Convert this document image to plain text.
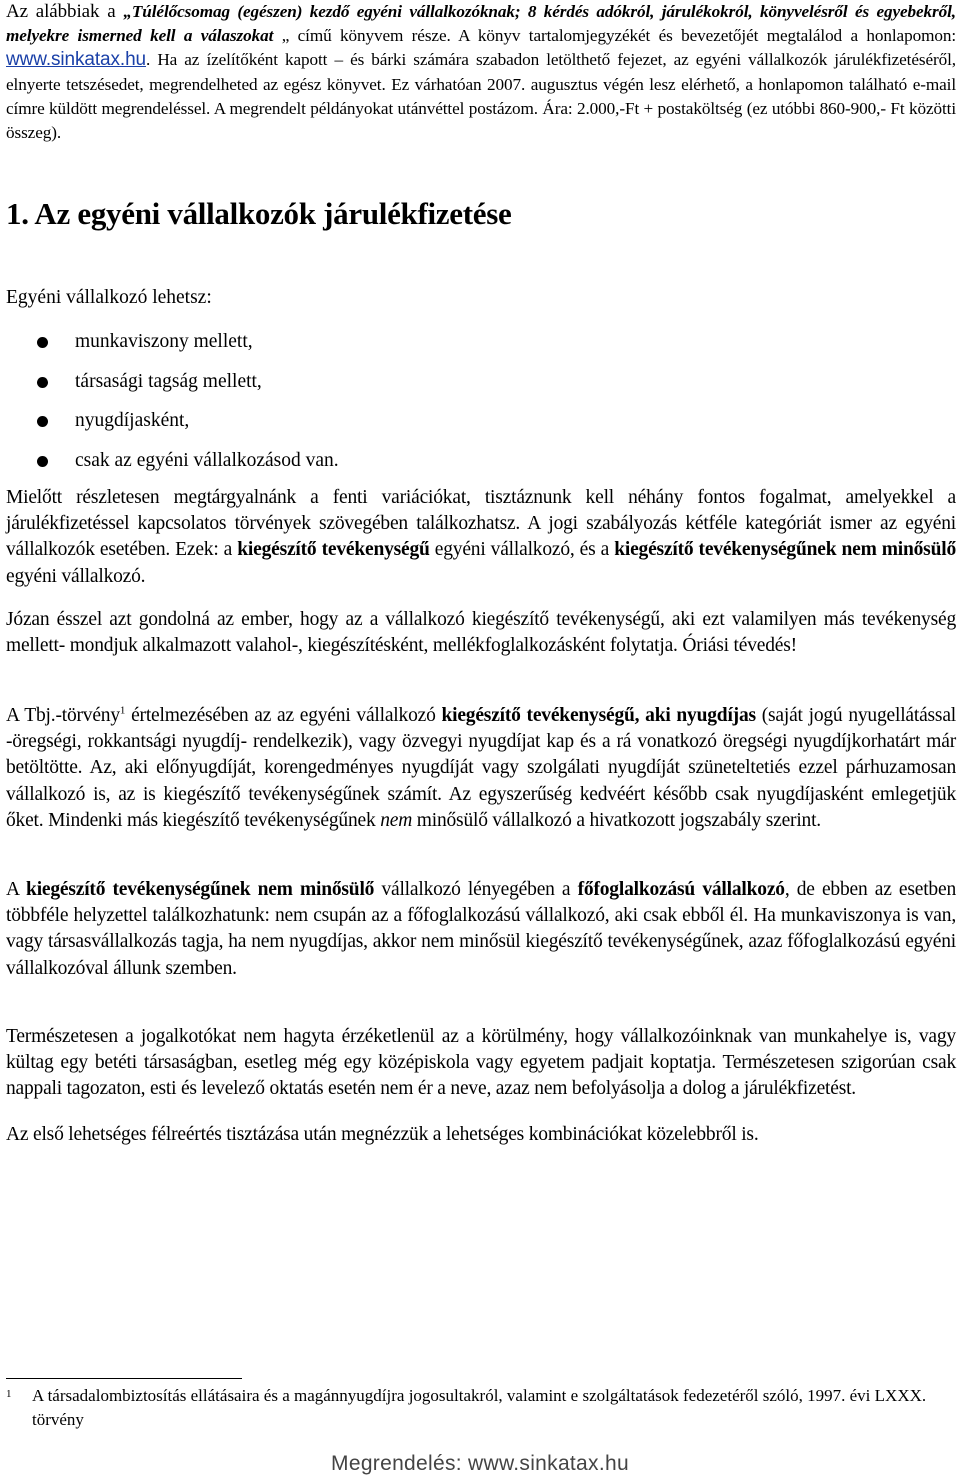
Az alábbiak a „Túlélőcsomag (egészen) kezdő egyéni vállalkozóknak; 8 kérdés adókról, járulékokról, könyvelésről és egyebekről, melyekre ismerned kell a válaszokat „ című könyvem része. A könyv tartalomjegyzékét és bevezetőjét megtalálod a honlapomon: www.sinkatax.hu. Ha az ízelítőként kapott – és bárki számára szabadon letölthető fejezet, az egyéni vállalkozók járulékfizetéséről, elnyerte tetszésedet, megrendelheted az egész könyvet. Ez várhatóan 2007. augusztus végén lesz elérhető, a honlapomon található e-mail címre küldött megrendeléssel. A megrendelt példányokat utánvéttel postázom. Ára: 2.000,-Ft + postaköltség (ez utóbbi 860-900,- Ft közötti összeg).
1. Az egyéni vállalkozók járulékfizetése

Egyéni vállalkozó lehetsz:

munkaviszony mellett,
társasági tagság mellett,
nyugdíjasként,
csak az egyéni vállalkozásod van.

Mielőtt részletesen megtárgyalnánk a fenti variációkat, tisztáznunk kell néhány fontos fogalmat, amelyekkel a járulékfizetéssel kapcsolatos törvények szövegében találkozhatsz. A jogi szabályozás kétféle kategóriát ismer az egyéni vállalkozók esetében. Ezek: a kiegészítő tevékenységű egyéni vállalkozó, és a kiegészítő tevékenységűnek nem minősülő egyéni vállalkozó.

Józan ésszel azt gondolná az ember, hogy az a vállalkozó kiegészítő tevékenységű, aki ezt valamilyen más tevékenység mellett- mondjuk alkalmazott valahol-, kiegészítésként, mellékfoglalkozásként folytatja. Óriási tévedés!

A Tbj.-törvény$^1$ értelmezésében az az egyéni vállalkozó kiegészítő tevékenységű, aki nyugdíjas (saját jogú nyugellátással -öregségi, rokkantsági nyugdíj- rendelkezik), vagy özvegyi nyugdíjat kap és a rá vonatkozó öregségi nyugdíjkorhatárt már betöltötte. Az, aki előnyugdíját, korengedményes nyugdíját vagy szolgálati nyugdíját szüneteltetiés ezzel párhuzamosan vállalkozó is, az is kiegészítő tevékenységűnek számít. Az egyszerűség kedvéért később csak nyugdíjasként emlegetjük őket. Mindenki más kiegészítő tevékenységűnek nem minősülő vállalkozó a hivatkozott jogszabály szerint.

A kiegészítő tevékenységűnek nem minősülő vállalkozó lényegében a főfoglalkozású vállalkozó, de ebben az esetben többféle helyzettel találkozhatunk: nem csupán az a főfoglalkozású vállalkozó, aki csak ebből él. Ha munkaviszonya is van, vagy társasvállalkozás tagja, ha nem nyugdíjas, akkor nem minősül kiegészítő tevékenységűnek, azaz főfoglalkozású egyéni vállalkozóval állunk szemben.

Természetesen a jogalkotókat nem hagyta érzéketlenül az a körülmény, hogy vállalkozóinknak van munkahelye is, vagy kültag egy betéti társaságban, esetleg még egy középiskola vagy egyetem padjait koptatja. Természetesen szigorúan csak nappali tagozaton, esti és levelező oktatás esetén nem ér a neve, azaz nem befolyásolja a dolog a járulékfizetést.

Az első lehetséges félreértés tisztázása után megnézzük a lehetséges kombinációkat közelebbről is.

1 A társadalombiztosítás ellátásaira és a magánnyugdíjra jogosultakról, valamint e szolgáltatások fedezetéről szóló, 1997. évi LXXX. törvény
Megrendelés: www.sinkatax.hu
